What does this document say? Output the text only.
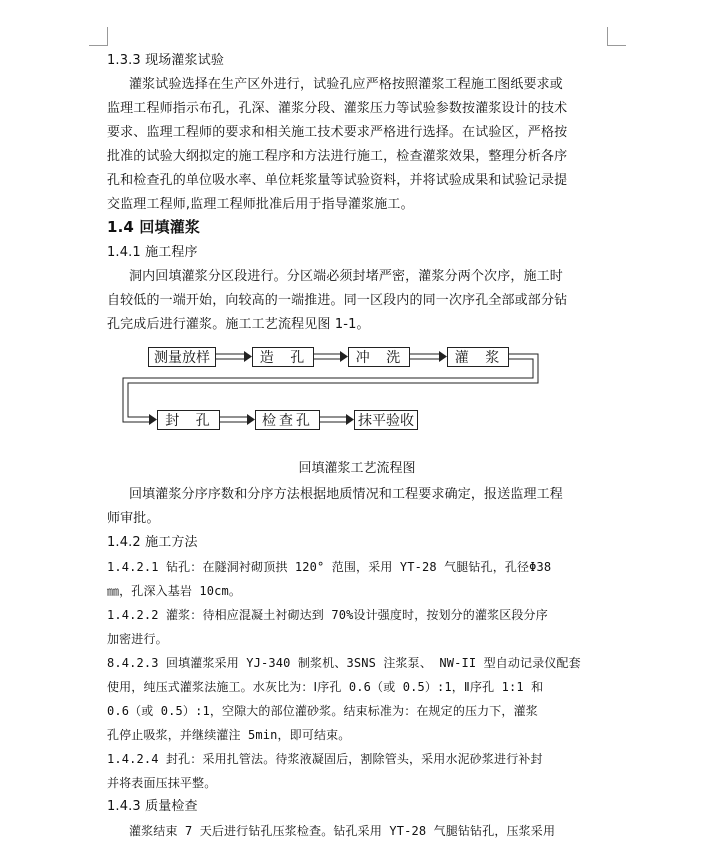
1.3.3 现场灌浆试验
灌浆试验选择在生产区外进行，试验孔应严格按照灌浆工程施工图纸要求或
监理工程师指示布孔，孔深、灌浆分段、灌浆压力等试验参数按灌浆设计的技术
要求、监理工程师的要求和相关施工技术要求严格进行选择。在试验区，严格按
批准的试验大纲拟定的施工程序和方法进行施工，检查灌浆效果，整理分析各序
孔和检查孔的单位吸水率、单位耗浆量等试验资料，并将试验成果和试验记录提
交监理工程师,监理工程师批准后用于指导灌浆施工。
1.4 回填灌浆
1.4.1 施工程序
洞内回填灌浆分区段进行。分区端必须封堵严密，灌浆分两个次序，施工时
自较低的一端开始，向较高的一端推进。同一区段内的同一次序孔全部或部分钻
孔完成后进行灌浆。施工工艺流程见图 1-1。
测量放样	造 孔	冲 洗	灌 浆
封 孔	检查孔	抹平验收
回填灌浆工艺流程图
回填灌浆分序序数和分序方法根据地质情况和工程要求确定，报送监理工程
师审批。
1.4.2 施工方法
1.4.2.1 钻孔：在隧洞衬砌顶拱 120° 范围，采用 YT-28 气腿钻孔，孔径Φ38
㎜，孔深入基岩 10cm。
1.4.2.2 灌浆：待相应混凝土衬砌达到 70%设计强度时，按划分的灌浆区段分序
加密进行。
8.4.2.3 回填灌浆采用 YJ-340 制浆机、3SNS 注浆泵、 NW-II 型自动记录仪配套
使用，纯压式灌浆法施工。水灰比为：Ⅰ序孔 0.6（或 0.5）:1，Ⅱ序孔 1:1 和
0.6（或 0.5）:1，空隙大的部位灌砂浆。结束标准为：在规定的压力下，灌浆
孔停止吸浆，并继续灌注 5min，即可结束。
1.4.2.4 封孔：采用扎管法。待浆液凝固后，割除管头，采用水泥砂浆进行补封
并将表面压抹平整。
1.4.3 质量检查
灌浆结束 7 天后进行钻孔压浆检查。钻孔采用 YT-28 气腿钻钻孔，压浆采用
